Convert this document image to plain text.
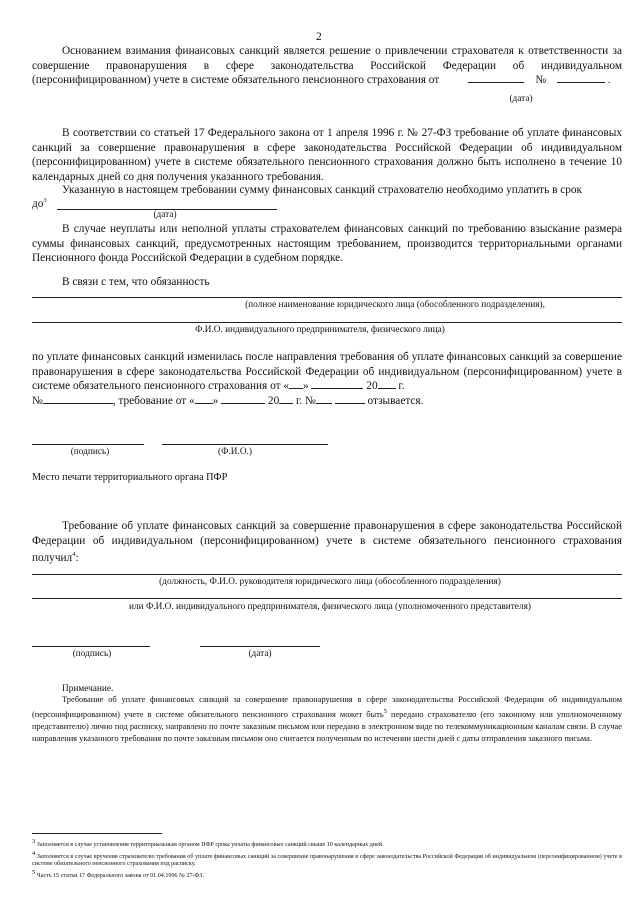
2
Основанием взимания финансовых санкций является решение о привлечении страхователя к ответственности за совершение правонарушения в сфере законодательства Российской Федерации об индивидуальном (персонифицированном) учете в системе обязательного пенсионного страхования от	№	.
(дата)
В соответствии со статьей 17 Федерального закона от 1 апреля 1996 г. № 27-ФЗ требование об уплате финансовых санкций за совершение правонарушения в сфере законодательства Российской Федерации об индивидуальном (персонифицированном) учете в системе обязательного пенсионного страхования должно быть исполнено в течение 10 календарных дней со дня получения указанного требования.
Указанную в настоящем требовании сумму финансовых санкций страхователю необходимо уплатить в срок
$до^3$
(дата)
В случае неуплаты или неполной уплаты страхователем финансовых санкций по требованию взыскание размера суммы финансовых санкций, предусмотренных настоящим требованием, производится территориальными органами Пенсионного фонда Российской Федерации в судебном порядке.
В связи с тем, что обязанность
(полное наименование юридического лица (обособленного подразделения),
Ф.И.О. индивидуального предпринимателя, физического лица)
по уплате финансовых санкций изменилась после направления требования об уплате финансовых санкций за совершение правонарушения в сфере законодательства Российской Федерации об индивидуальном (персонифицированном) учете в системе обязательного пенсионного страхования от « »	20 г.
№	, требование от « »	20 г. №	отзывается.
(подпись)	(Ф.И.О.)
Место печати территориального органа ПФР
Требование об уплате финансовых санкций за совершение правонарушения в сфере законодательства Российской Федерации об индивидуальном (персонифицированном) учете в системе обязательного пенсионного страхования получил$^4$:
(должность, Ф.И.О. руководителя юридического лица (обособленного подразделения)
или Ф.И.О. индивидуального предпринимателя, физического лица (уполномоченного представителя)
(подпись)	(дата)
Примечание.
Требование об уплате финансовых санкций за совершение правонарушения в сфере законодательства Российской Федерации об индивидуальном (персонифицированном) учете в системе обязательного пенсионного страхования может быть$^5$ передано страхователю (его законному или уполномоченному представителю) лично под расписку, направлено по почте заказным письмом или передано в электронном виде по телекоммуникационным каналам связи. В случае направления указанного требования по почте заказным письмом оно считается полученным по истечении шести дней с даты отправления заказного письма.
$^3$ Заполняется в случае установления территориальным органом ПФР срока уплаты финансовых санкций свыше 10 календарных дней.
$^4$ Заполняется в случае вручения страхователю требования об уплате финансовых санкций за совершение правонарушения в сфере законодательства Российской Федерации об индивидуальном (персонифицированном) учете в системе обязательного пенсионного страхования под расписку.
$^5$ Часть 15 статьи 17 Федерального закона от 01.04.1996 № 27-ФЗ.
